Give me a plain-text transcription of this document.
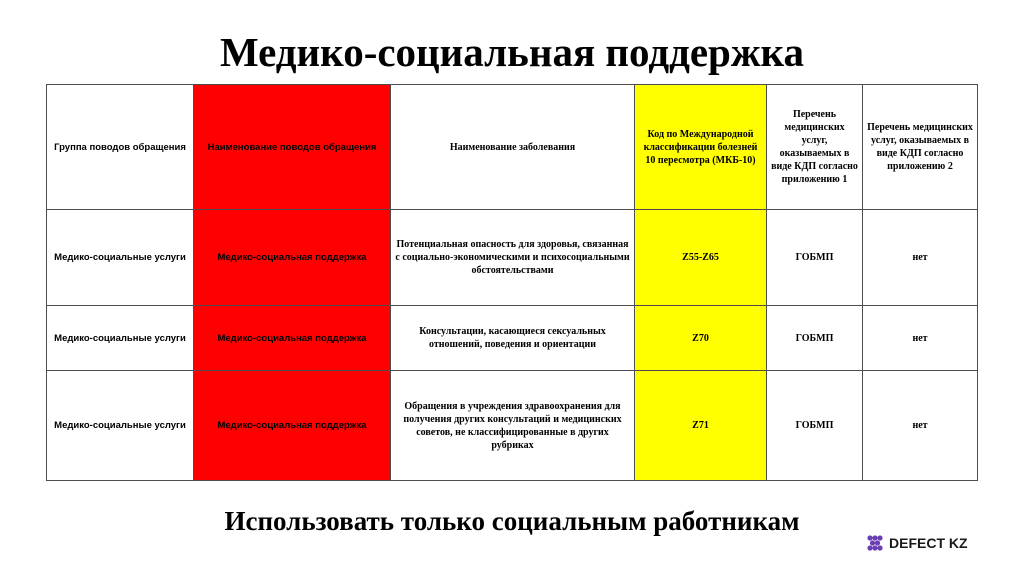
Медико-социальная поддержка
Группа поводов обращения	Наименование поводов обращения	Наименование заболевания	Код по Международной классификации болезней 10 пересмотра (МКБ-10)	Перечень медицинских услуг, оказываемых в виде КДП согласно приложению 1	Перечень медицинских услуг, оказываемых в виде КДП согласно приложению 2
Медико-социальные услуги	Медико-социальная поддержка	Потенциальная опасность для здоровья, связанная с социально-экономическими и психосоциальными обстоятельствами	Z55-Z65	ГОБМП	нет
Медико-социальные услуги	Медико-социальная поддержка	Консультации, касающиеся сексуальных отношений, поведения и ориентации	Z70	ГОБМП	нет
Медико-социальные услуги	Медико-социальная поддержка	Обращения в учреждения здравоохранения для получения других консультаций и медицинских советов, не классифицированные в других рубриках	Z71	ГОБМП	нет
Использовать только социальным работникам
DEFECT KZ
